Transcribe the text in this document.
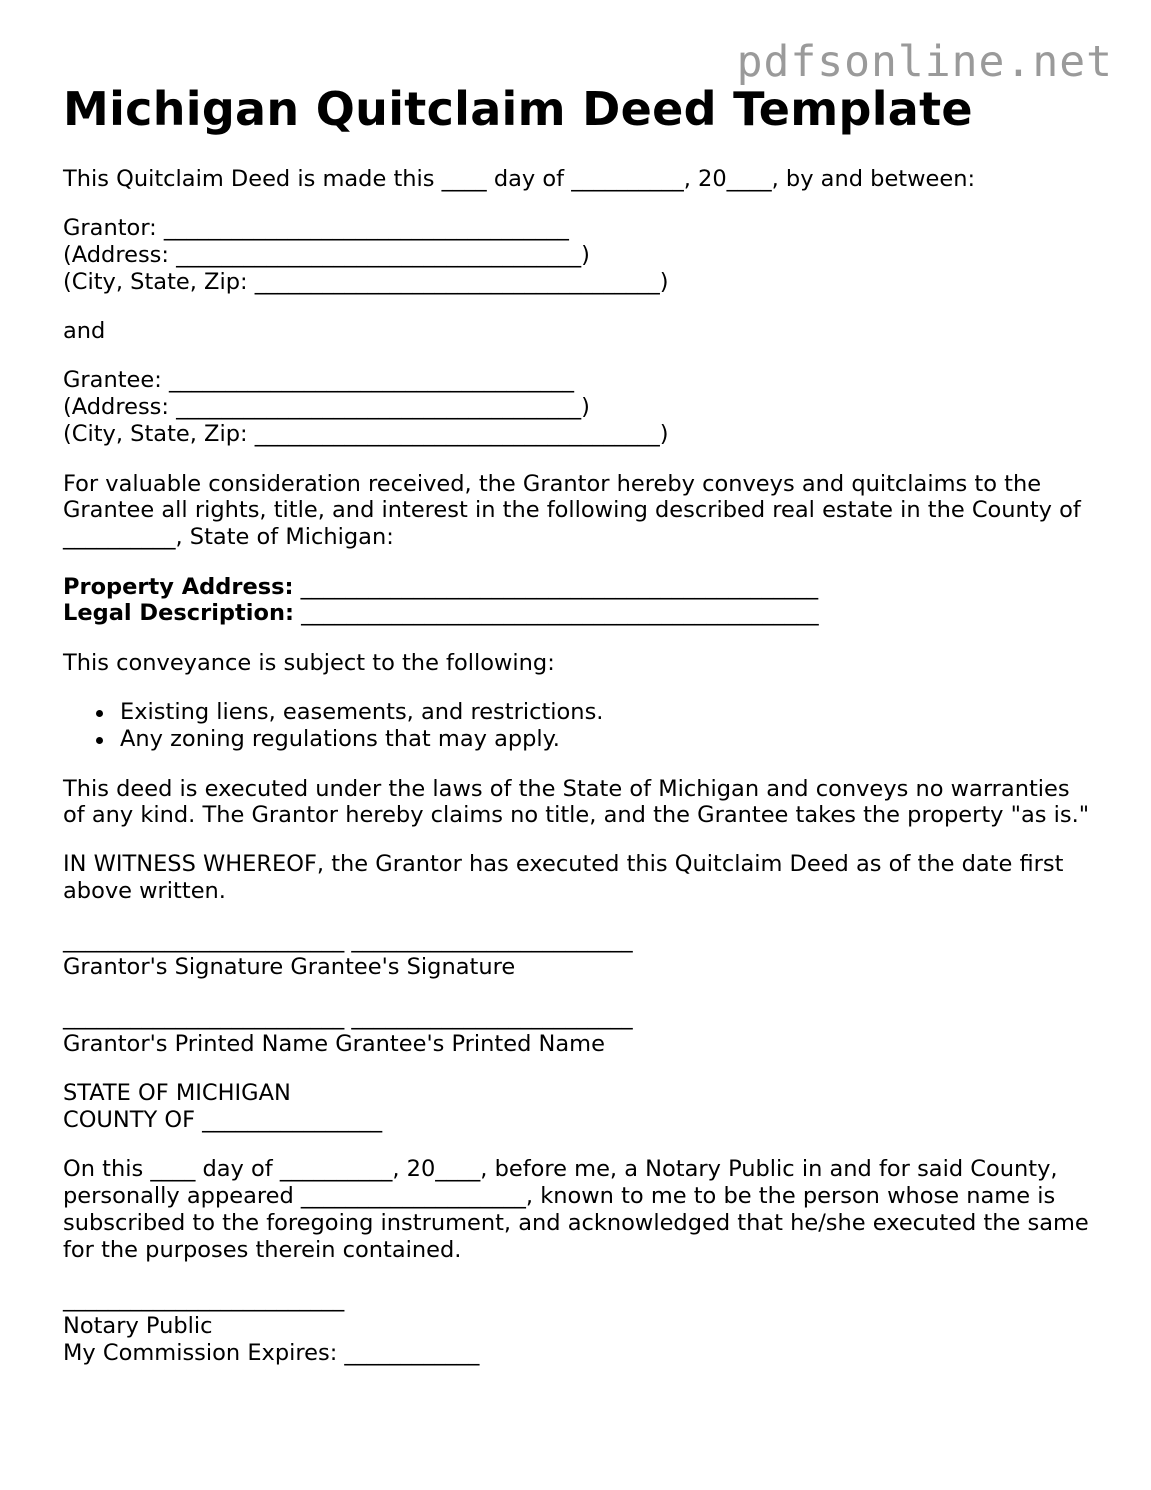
pdfsonline.net
Michigan Quitclaim Deed Template
This Quitclaim Deed is made this ____ day of __________, 20____, by and between:
Grantor: ____________________________________
(Address: ____________________________________)
(City, State, Zip: ____________________________________)
and
Grantee: ____________________________________
(Address: ____________________________________)
(City, State, Zip: ____________________________________)
For valuable consideration received, the Grantor hereby conveys and quitclaims to the
Grantee all rights, title, and interest in the following described real estate in the County of
__________, State of Michigan:
Property Address: ______________________________________________
Legal Description: ______________________________________________
This conveyance is subject to the following:
Existing liens, easements, and restrictions.
Any zoning regulations that may apply.
This deed is executed under the laws of the State of Michigan and conveys no warranties
of any kind. The Grantor hereby claims no title, and the Grantee takes the property "as is."
IN WITNESS WHEREOF, the Grantor has executed this Quitclaim Deed as of the date first
above written.
_________________________ _________________________
Grantor's Signature Grantee's Signature
_________________________ _________________________
Grantor's Printed Name Grantee's Printed Name
STATE OF MICHIGAN
COUNTY OF ________________
On this ____ day of __________, 20____, before me, a Notary Public in and for said County,
personally appeared ____________________, known to me to be the person whose name is
subscribed to the foregoing instrument, and acknowledged that he/she executed the same
for the purposes therein contained.
_________________________
Notary Public
My Commission Expires: ____________
